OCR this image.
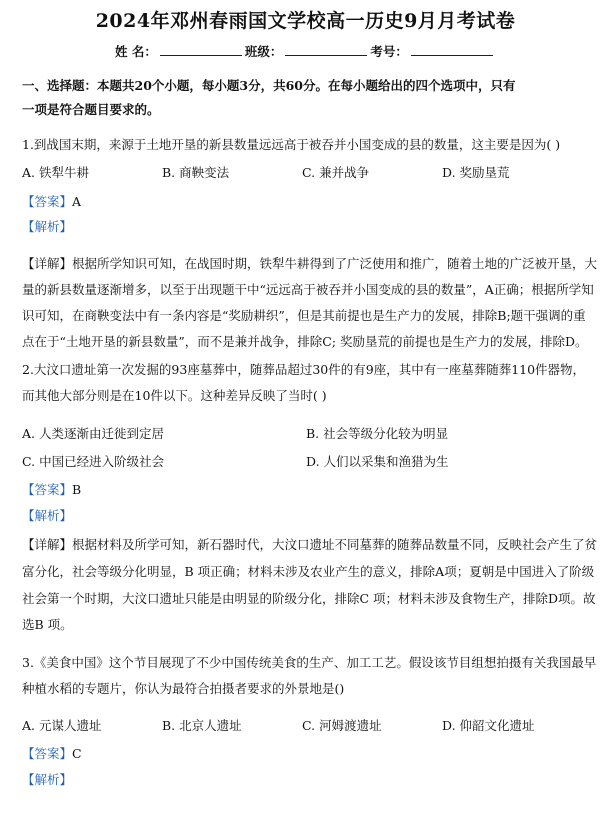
2024年邓州春雨国文学校高一历史9月月考试卷
姓 名：	班级：	考号：
一、选择题：本题共20个小题，每小题3分，共60分。在每小题给出的四个选项中，只有
一项是符合题目要求的。
1.到战国末期，来源于土地开垦的新县数量远远高于被吞并小国变成的县的数量，这主要是因为( )
A. 铁犁牛耕	B. 商鞅变法	C. 兼并战争	D. 奖励垦荒
【答案】A
【解析】
【详解】根据所学知识可知，在战国时期，铁犁牛耕得到了广泛使用和推广，随着土地的广泛被开垦，大
量的新县数量逐渐增多，以至于出现题干中“远远高于被吞并小国变成的县的数量”，A正确；根据所学知
识可知，在商鞅变法中有一条内容是“奖励耕织”，但是其前提也是生产力的发展，排除B;题干强调的重
点在于“土地开垦的新县数量”，而不是兼并战争，排除C; 奖励垦荒的前提也是生产力的发展，排除D。
2.大汶口遗址第一次发掘的93座墓葬中，随葬品超过30件的有9座，其中有一座墓葬随葬110件器物，
而其他大部分则是在10件以下。这种差异反映了当时( )
A. 人类逐渐由迁徙到定居	B. 社会等级分化较为明显
C. 中国已经进入阶级社会	D. 人们以采集和渔猎为生
【答案】B
【解析】
【详解】根据材料及所学可知，新石器时代，大汶口遗址不同墓葬的随葬品数量不同，反映社会产生了贫
富分化，社会等级分化明显，B 项正确；材料未涉及农业产生的意义，排除A项；夏朝是中国进入了阶级
社会第一个时期，大汶口遗址只能是由明显的阶级分化，排除C 项；材料未涉及食物生产，排除D项。故
选B 项。
3.《美食中国》这个节目展现了不少中国传统美食的生产、加工工艺。假设该节目组想拍摄有关我国最早
种植水稻的专题片，你认为最符合拍摄者要求的外景地是()
A. 元谋人遗址	B. 北京人遗址	C. 河姆渡遗址	D. 仰韶文化遗址
【答案】C
【解析】
